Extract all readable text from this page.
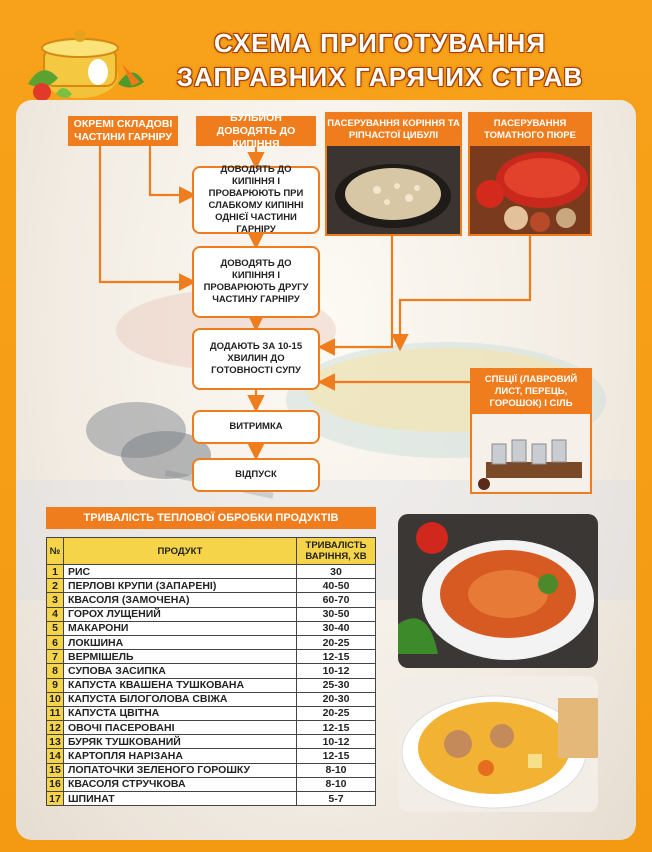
СХЕМА ПРИГОТУВАННЯ
ЗАПРАВНИХ ГАРЯЧИХ СТРАВ
ОКРЕМІ СКЛАДОВІ ЧАСТИНИ ГАРНІРУ
БУЛЬЙОН ДОВОДЯТЬ ДО КИПІННЯ
ПАСЕРУВАННЯ КОРІННЯ ТА РІПЧАСТОЇ ЦИБУЛІ
ПАСЕРУВАННЯ ТОМАТНОГО ПЮРЕ
ДОВОДЯТЬ ДО КИПІННЯ І ПРОВАРЮЮТЬ ПРИ СЛАБКОМУ КИПІННІ ОДНІЄЇ ЧАСТИНИ ГАРНІРУ
ДОВОДЯТЬ ДО КИПІННЯ І ПРОВАРЮЮТЬ ДРУГУ ЧАСТИНУ ГАРНІРУ
ДОДАЮТЬ ЗА 10-15 ХВИЛИН ДО ГОТОВНОСТІ СУПУ
ВИТРИМКА
ВІДПУСК
СПЕЦІЇ (ЛАВРОВИЙ ЛИСТ, ПЕРЕЦЬ, ГОРОШОК) І СІЛЬ
ТРИВАЛІСТЬ ТЕПЛОВОЇ ОБРОБКИ ПРОДУКТІВ
№	ПРОДУКТ	ТРИВАЛІСТЬ ВАРІННЯ, ХВ
1	РИС	30
2	ПЕРЛОВІ КРУПИ (ЗАПАРЕНІ)	40-50
3	КВАСОЛЯ (ЗАМОЧЕНА)	60-70
4	ГОРОХ ЛУЩЕНИЙ	30-50
5	МАКАРОНИ	30-40
6	ЛОКШИНА	20-25
7	ВЕРМІШЕЛЬ	12-15
8	СУПОВА ЗАСИПКА	10-12
9	КАПУСТА КВАШЕНА ТУШКОВАНА	25-30
10	КАПУСТА БІЛОГОЛОВА СВІЖА	20-30
11	КАПУСТА ЦВІТНА	20-25
12	ОВОЧІ ПАСЕРОВАНІ	12-15
13	БУРЯК ТУШКОВАНИЙ	10-12
14	КАРТОПЛЯ НАРІЗАНА	12-15
15	ЛОПАТОЧКИ ЗЕЛЕНОГО ГОРОШКУ	8-10
16	КВАСОЛЯ СТРУЧКОВА	8-10
17	ШПИНАТ	5-7
